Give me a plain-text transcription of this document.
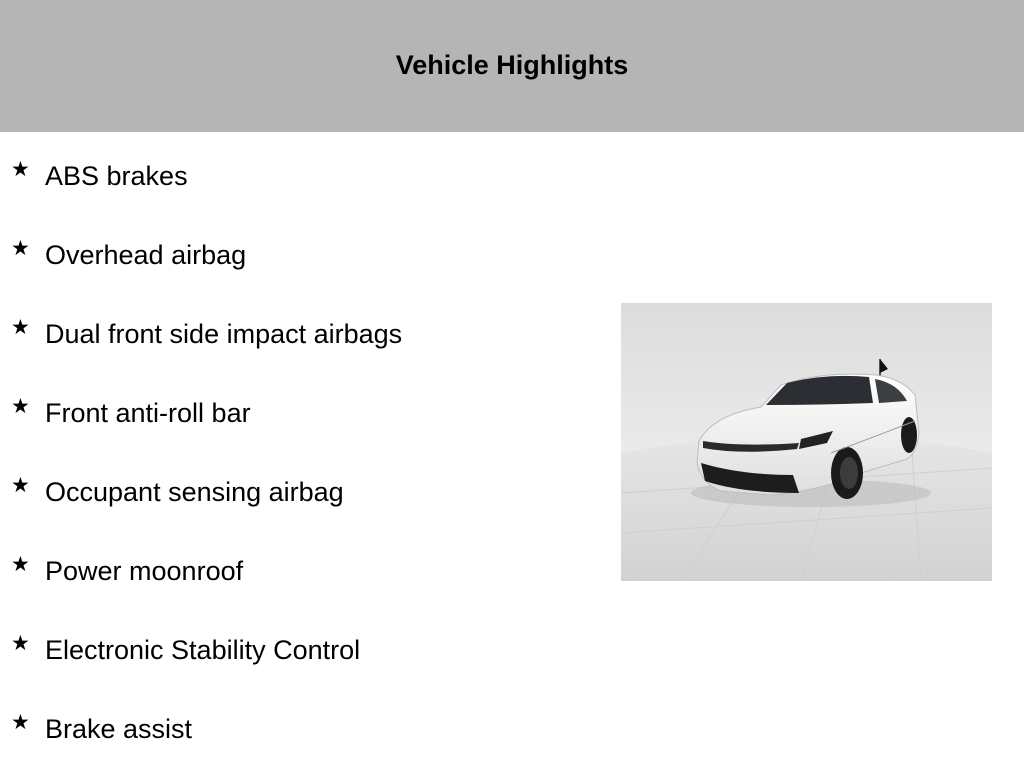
Vehicle Highlights
★ ABS brakes
★ Overhead airbag
★ Dual front side impact airbags
★ Front anti-roll bar
★ Occupant sensing airbag
★ Power moonroof
★ Electronic Stability Control
★ Brake assist
